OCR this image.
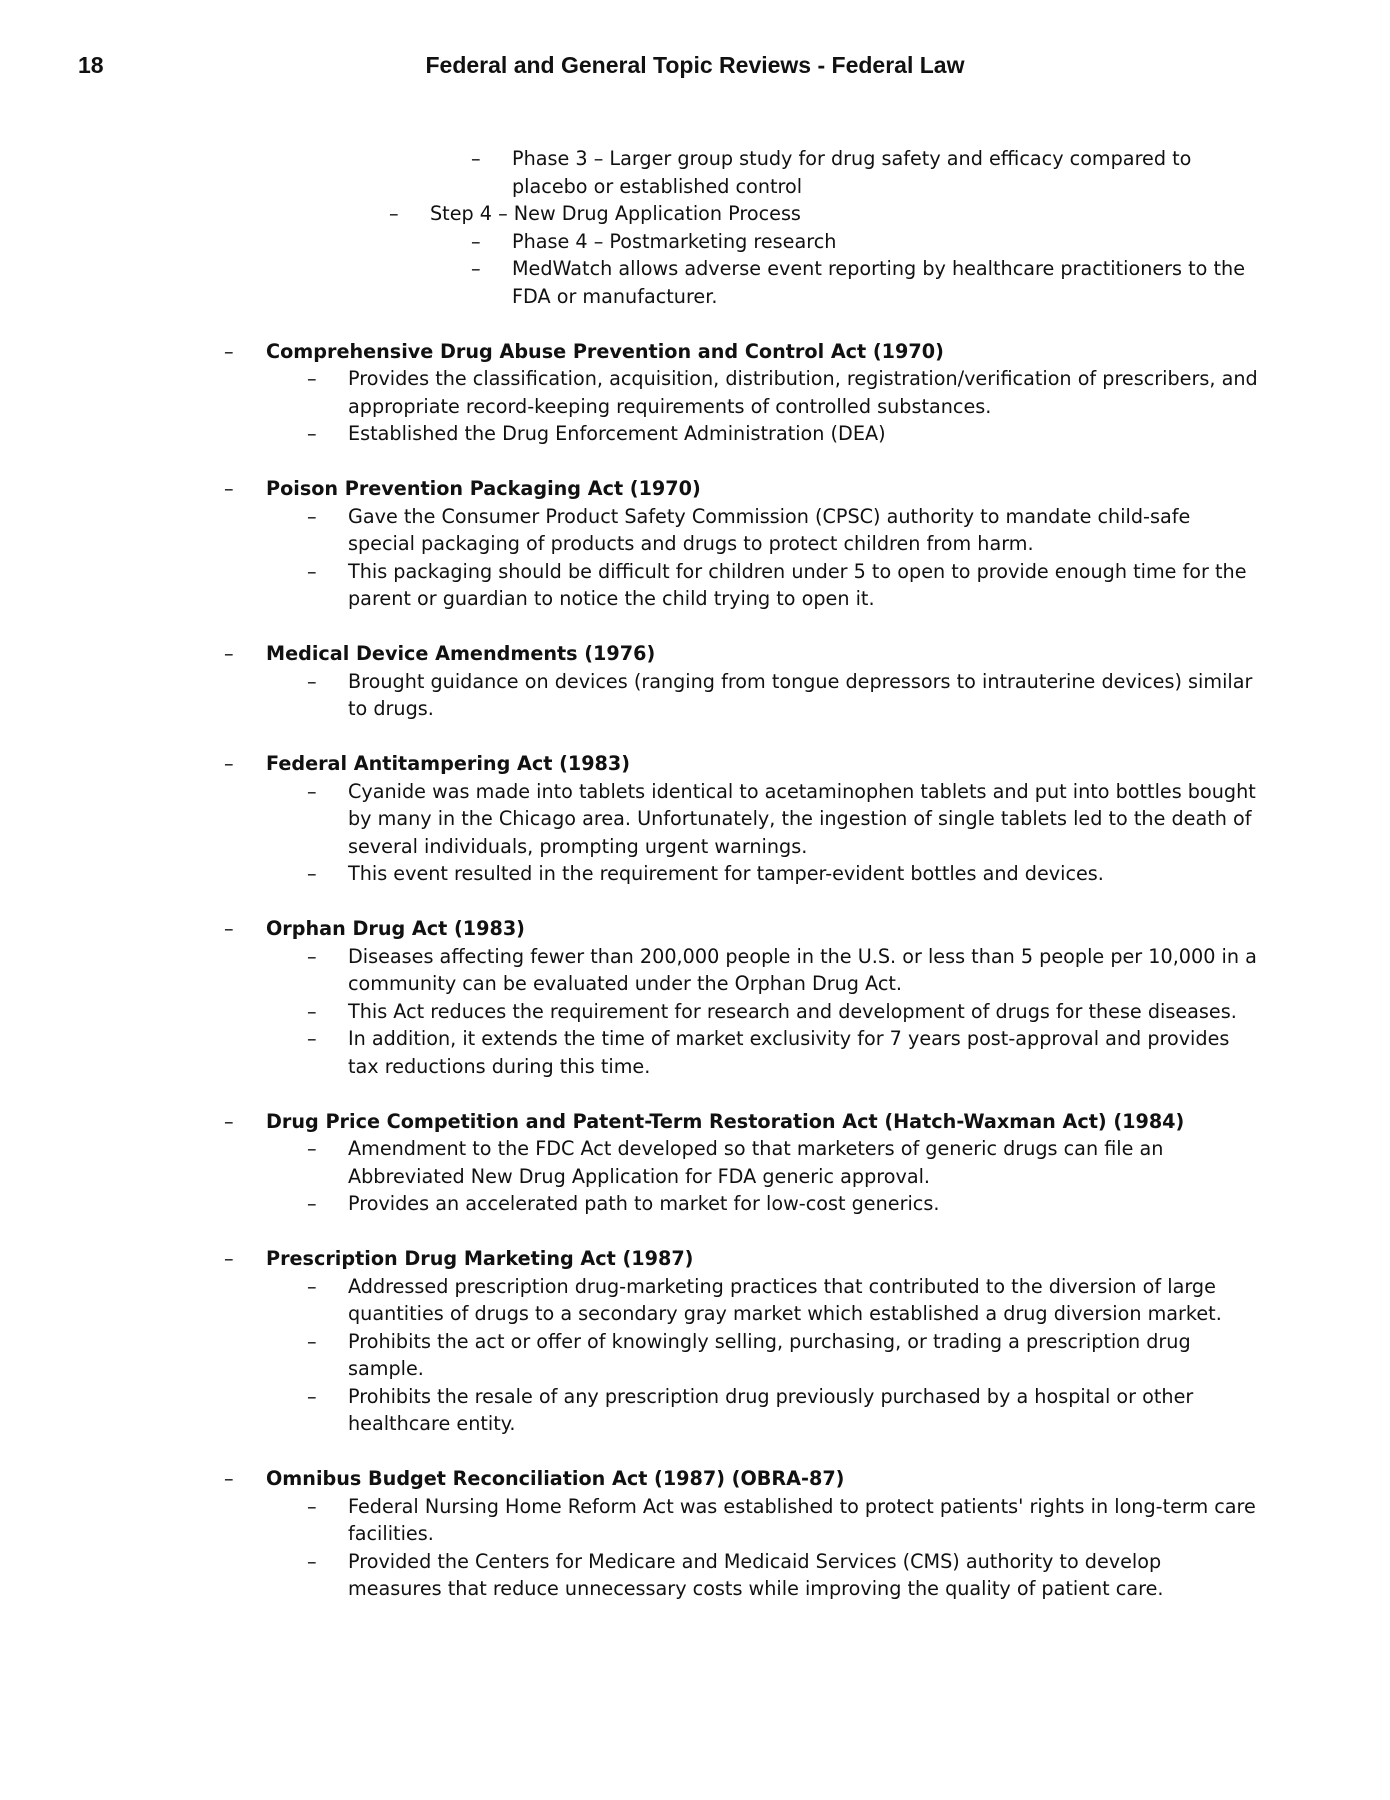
18	Federal and General Topic Reviews - Federal Law
– Phase 3 – Larger group study for drug safety and efficacy compared to placebo or established control
– Step 4 – New Drug Application Process
– Phase 4 – Postmarketing research
– MedWatch allows adverse event reporting by healthcare practitioners to the FDA or manufacturer.
– Comprehensive Drug Abuse Prevention and Control Act (1970)
– Provides the classification, acquisition, distribution, registration/verification of prescribers, and appropriate record-keeping requirements of controlled substances.
– Established the Drug Enforcement Administration (DEA)
– Poison Prevention Packaging Act (1970)
– Gave the Consumer Product Safety Commission (CPSC) authority to mandate child-safe special packaging of products and drugs to protect children from harm.
– This packaging should be difficult for children under 5 to open to provide enough time for the parent or guardian to notice the child trying to open it.
– Medical Device Amendments (1976)
– Brought guidance on devices (ranging from tongue depressors to intrauterine devices) similar to drugs.
– Federal Antitampering Act (1983)
– Cyanide was made into tablets identical to acetaminophen tablets and put into bottles bought by many in the Chicago area. Unfortunately, the ingestion of single tablets led to the death of several individuals, prompting urgent warnings.
– This event resulted in the requirement for tamper-evident bottles and devices.
– Orphan Drug Act (1983)
– Diseases affecting fewer than 200,000 people in the U.S. or less than 5 people per 10,000 in a community can be evaluated under the Orphan Drug Act.
– This Act reduces the requirement for research and development of drugs for these diseases.
– In addition, it extends the time of market exclusivity for 7 years post-approval and provides tax reductions during this time.
– Drug Price Competition and Patent-Term Restoration Act (Hatch-Waxman Act) (1984)
– Amendment to the FDC Act developed so that marketers of generic drugs can file an Abbreviated New Drug Application for FDA generic approval.
– Provides an accelerated path to market for low-cost generics.
– Prescription Drug Marketing Act (1987)
– Addressed prescription drug-marketing practices that contributed to the diversion of large quantities of drugs to a secondary gray market which established a drug diversion market.
– Prohibits the act or offer of knowingly selling, purchasing, or trading a prescription drug sample.
– Prohibits the resale of any prescription drug previously purchased by a hospital or other healthcare entity.
– Omnibus Budget Reconciliation Act (1987) (OBRA-87)
– Federal Nursing Home Reform Act was established to protect patients' rights in long-term care facilities.
– Provided the Centers for Medicare and Medicaid Services (CMS) authority to develop measures that reduce unnecessary costs while improving the quality of patient care.
